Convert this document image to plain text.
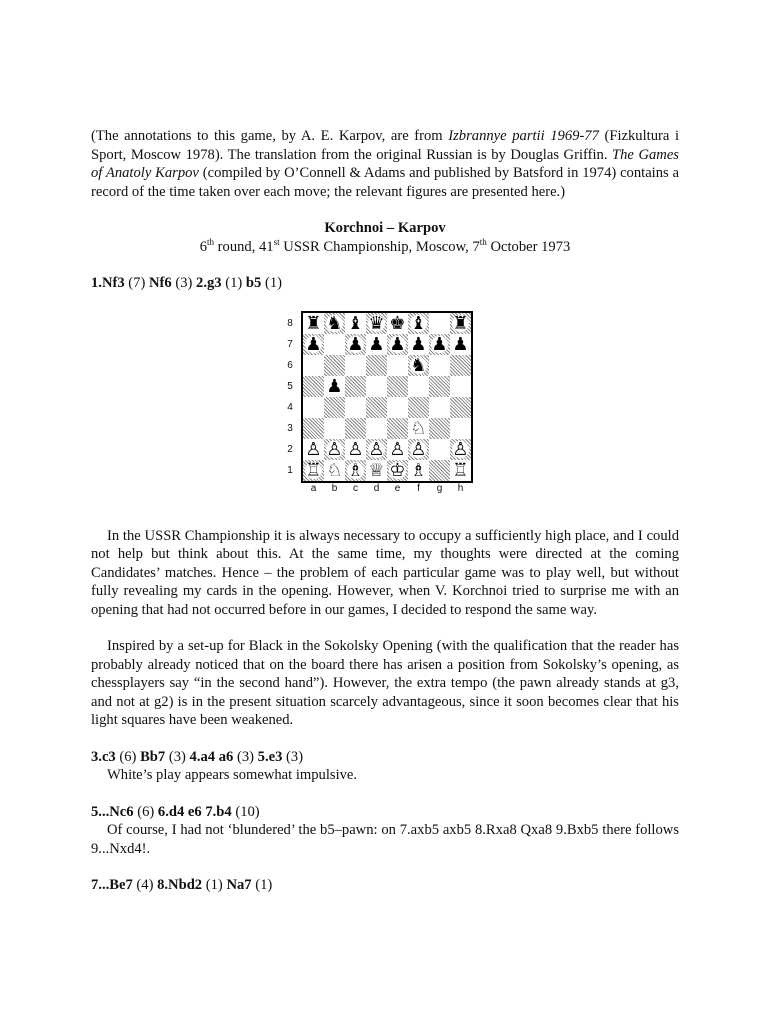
(The annotations to this game, by A. E. Karpov, are from Izbrannye partii 1969-77 (Fizkultura i Sport, Moscow 1978). The translation from the original Russian is by Douglas Griffin. The Games of Anatoly Karpov (compiled by O’Connell & Adams and published by Batsford in 1974) contains a record of the time taken over each move; the relevant figures are presented here.)

Korchnoi – Karpov

6th round, 41st USSR Championship, Moscow, 7th October 1973

1.Nf3 (7) Nf6 (3) 2.g3 (1) b5 (1)

8
7
6
5
4
3
2
1
♜ ♞ ♝ ♛ ♚ ♝ ♜
♟ ♟ ♟ ♟ ♟ ♟ ♟
♞
♟
♘
♙ ♙ ♙ ♙ ♙ ♙ ♙
♖ ♘ ♗ ♕ ♔ ♗ ♖
a	b	c	d	e	f	g	h

In the USSR Championship it is always necessary to occupy a sufficiently high place, and I could not help but think about this. At the same time, my thoughts were directed at the coming Candidates’ matches. Hence – the problem of each particular game was to play well, but without fully revealing my cards in the opening. However, when V. Korchnoi tried to surprise me with an opening that had not occurred before in our games, I decided to respond the same way.

Inspired by a set-up for Black in the Sokolsky Opening (with the qualification that the reader has probably already noticed that on the board there has arisen a position from Sokolsky’s opening, as chessplayers say “in the second hand”). However, the extra tempo (the pawn already stands at g3, and not at g2) is in the present situation scarcely advantageous, since it soon becomes clear that his light squares have been weakened.

3.c3 (6) Bb7 (3) 4.a4 a6 (3) 5.e3 (3)

White’s play appears somewhat impulsive.

5...Nc6 (6) 6.d4 e6 7.b4 (10)

Of course, I had not ‘blundered’ the b5–pawn: on 7.axb5 axb5 8.Rxa8 Qxa8 9.Bxb5 there follows 9...Nxd4!.

7...Be7 (4) 8.Nbd2 (1) Na7 (1)
